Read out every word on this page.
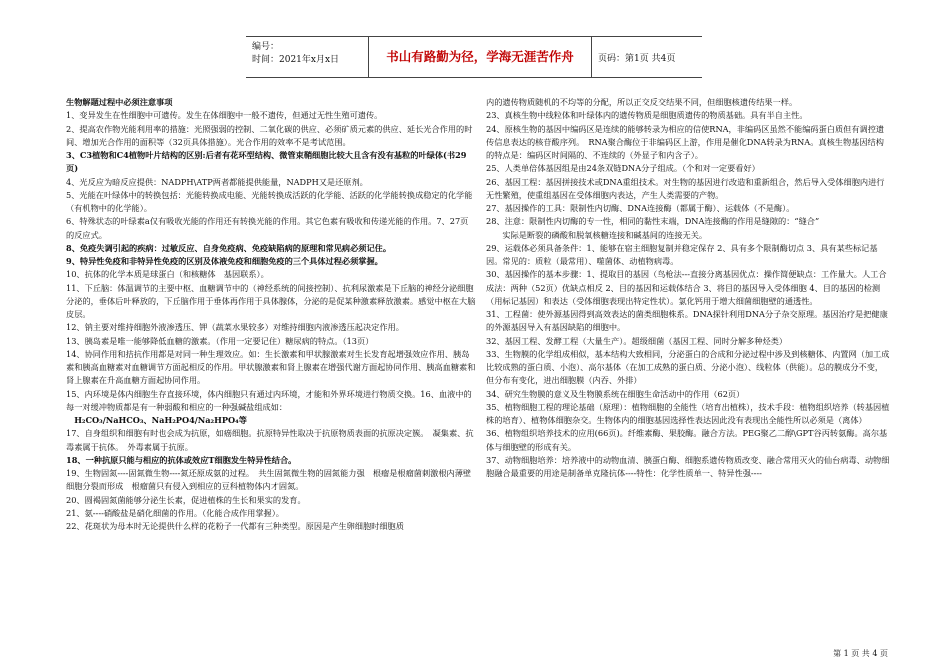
编号：
时间：2021年x月x日	书山有路勤为径，学海无涯苦作舟	页码：第1页 共4页

生物解题过程中必须注意事项

1、变异发生在性细胞中可遗传。发生在体细胞中一般不遗传，但通过无性生殖可遗传。

2、提高农作物光能利用率的措施：光照强弱的控制、二氧化碳的供应、必须矿质元素的供应、延长光合作用的时间、增加光合作用的面积等（32页具体措施）。光合作用的效率不是考试范围。

3、C3植物和C4植物叶片结构的区别:后者有花环型结构、微管束鞘细胞比较大且含有没有基粒的叶绿体(书29页)

4、光反应为暗反应提供：NADPH\ATP两者都能提供能量，NADPH又是还原剂。

5、光能在叶绿体中的转换包括：光能转换成电能、光能转换成活跃的化学能、活跃的化学能转换成稳定的化学能（有机物中的化学能）。

6、特殊状态的叶绿素a仅有吸收光能的作用还有转换光能的作用。其它色素有吸收和传递光能的作用。7、27页的反应式。

8、免疫失调引起的疾病：过敏反应、自身免疫病、免疫缺陷病的原理和常见病必须记住。

9、特异性免疫和非特异性免疫的区别及体液免疫和细胞免疫的三个具体过程必须掌握。

10、抗体的化学本质是球蛋白（和核糖体　基因联系）。

11、下丘脑：体温调节的主要中枢、血糖调节中的（神经系统的间接控制）、抗利尿激素是下丘脑的神经分泌细胞分泌的，垂体后叶释放的，下丘脑作用于垂体再作用于具体腺体，分泌的是促某种激素释放激素。感觉中枢在大脑皮层。

12、钠主要对维持细胞外液渗透压、钾（蔬菜水果较多）对维持细胞内液渗透压起决定作用。

13、胰岛素是唯一能够降低血糖的激素。（作用一定要记住）糖尿病的特点。（13页）

14、协同作用和拮抗作用都是对同一种生理效应。如：生长激素和甲状腺激素对生长发育起增强效应作用、胰岛素和胰高血糖素对血糖调节方面起相反的作用。甲状腺激素和肾上腺素在增强代谢方面起协同作用、胰高血糖素和肾上腺素在升高血糖方面起协同作用。

15、内环境是体内细胞生存直接环境，体内细胞只有通过内环境，才能和外界环境进行物质交换。16、血液中的每一对缓冲物质都是有一种弱酸和相应的一种强碱盐组成如：

　H₂CO₃/NaHCO₃、NaH₂PO4/Na₂HPO₄等

17、自身组织和细胞有时也会成为抗原，如癌细胞。抗原特异性取决于抗原物质表面的抗原决定簇。　凝集素、抗毒素属于抗体。　外毒素属于抗原。

18、一种抗原只能与相应的抗体或效应T细胞发生特异性结合。

19、生物固氮----固氮微生物----氮还原成氨的过程。　共生固氮微生物的固氮能力强　根瘤是根瘤菌刺激根内薄壁细胞分裂而形成　根瘤菌只有侵入到相应的豆科植物体内才固氮。

20、圆褐固氮菌能够分泌生长素，促进植株的生长和果实的发育。

21、氨----硝酸盐是硝化细菌的作用。（化能合成作用掌握）。

22、花斑状为母本时无论提供什么样的花粉子一代都有三种类型。原因是产生卵细胞时细胞质

内的遗传物质随机的不均等的分配，所以正交反交结果不同，但细胞核遗传结果一样。

23、真核生物中线粒体和叶绿体内的遗传物质是细胞质遗传的物质基础。具有半自主性。

24、原核生物的基因中编码区是连续的能够转录为相应的信使RNA，非编码区虽然不能编码蛋白质但有调控遗传信息表达的核苷酸序列。　RNA聚合酶位于非编码区上游，作用是催化DNA转录为RNA。真核生物基因结构的特点是：编码区时间隔的、不连续的（外显子和内含子）。

25、人类单倍体基因组是由24条双链DNA分子组成。（个和对一定要看好）

26、基因工程：基因拼接技术或DNA重组技术。对生物的基因进行改造和重新组合，然后导入受体细胞内进行无性繁殖，使重组基因在受体细胞内表达，产生人类需要的产物。

27、基因操作的工具：限制性内切酶、DNA连接酶（都属于酶）、运载体（不是酶）。

28、注意：限制性内切酶的专一性，相同的黏性末端，DNA连接酶的作用是缝隙的：“缝合”

　　实际是断裂的磷酸和脱氧核糖连接和碱基间的连接无关。

29、运载体必须具备条件：1、能够在宿主细胞复制并稳定保存 2、具有多个限制酶切点 3、具有某些标记基因。常见的：质粒（最常用）、噬菌体、动植物病毒。

30、基因操作的基本步骤：1、提取目的基因（鸟枪法---直接分离基因优点：操作简便缺点：工作量大。人工合成法：两种（52页）优缺点相反 2、目的基因和运载体结合 3、将目的基因导入受体细胞 4、目的基因的检测（用标记基因）和表达（受体细胞表现出特定性状）。氯化钙用于增大细菌细胞壁的通透性。

31、工程菌：使外源基因得到高效表达的菌类细胞株系。DNA探针利用DNA分子杂交原理。基因治疗是把健康的外源基因导入有基因缺陷的细胞中。

32、基因工程、发酵工程（大量生产）。超级细菌（基因工程、同时分解多种烃类）

33、生物膜的化学组成相似，基本结构大致相同，分泌蛋白的合成和分泌过程中涉及到核糖体、内置网（加工成比较成熟的蛋白质、小泡）、高尔基体（在加工成熟的蛋白质、分泌小泡）、线粒体（供能）。总的膜成分不变，但分布有变化，进出细胞膜（内吞、外排）

34、研究生物膜的意义及生物膜系统在细胞生命活动中的作用（62页）

35、植物细胞工程的理论基础（原理）：植物细胞的全能性（培育出植株），技术手段：植物组织培养（转基因植株的培育）、植物体细胞杂交。生物体内的细胞基因选择性表达因此没有表现出全能性所以必须是（离体）

36、植物组织培养技术的应用(66页)。纤维素酶、果胶酶。融合方法。PEG聚乙二醇\GPT谷丙转氨酶。高尔基体与细胞壁的形成有关。

37、动物细胞培养：培养液中的动物血清、胰蛋白酶、细胞系遗传物质改变、融合常用灭火的仙台病毒、动物细胞融合最重要的用途是制备单克隆抗体----特性：化学性质单一、特异性强----

第 1 页 共 4 页
